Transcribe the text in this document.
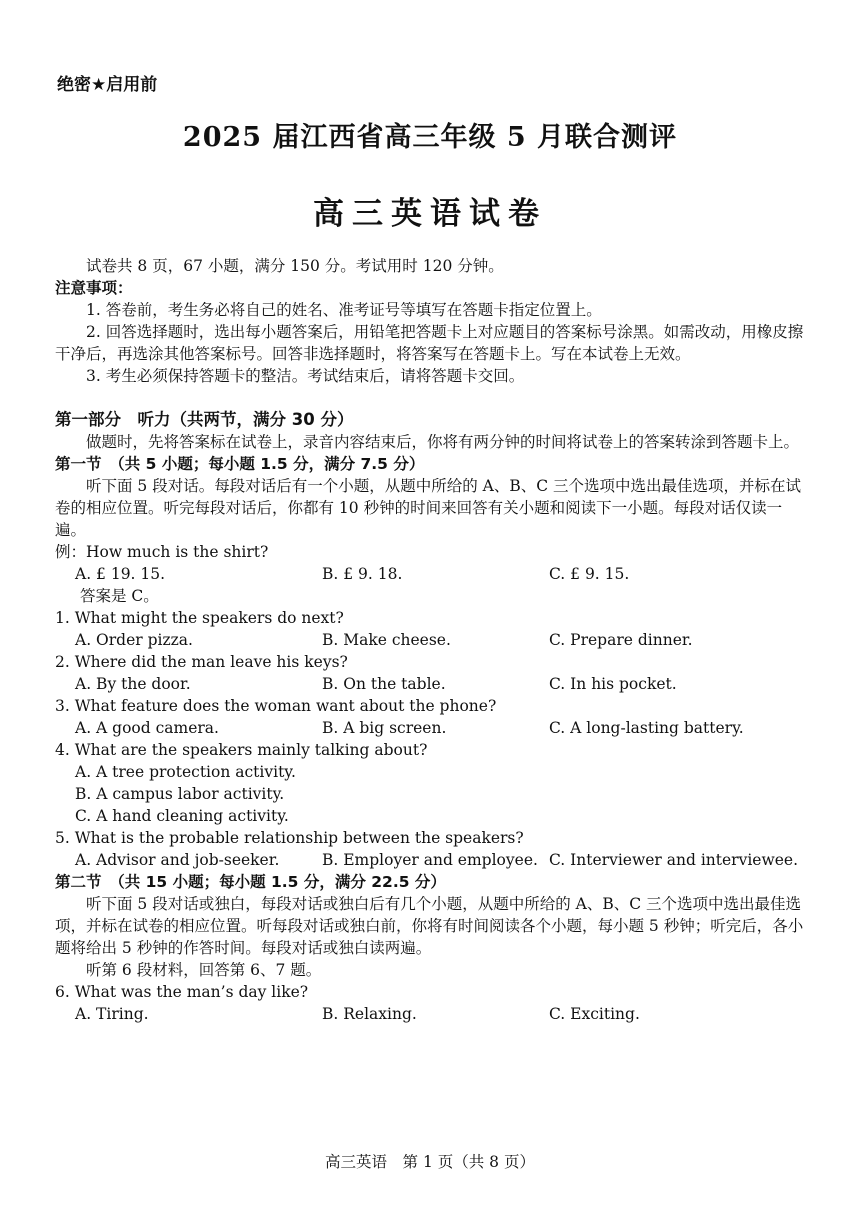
绝密★启用前
2025 届江西省高三年级 5 月联合测评
高三英语试卷

试卷共 8 页，67 小题，满分 150 分。考试用时 120 分钟。

注意事项：

1. 答卷前，考生务必将自己的姓名、准考证号等填写在答题卡指定位置上。

2. 回答选择题时，选出每小题答案后，用铅笔把答题卡上对应题目的答案标号涂黑。如需改动，用橡皮擦干净后，再选涂其他答案标号。回答非选择题时，将答案写在答题卡上。写在本试卷上无效。

3. 考生必须保持答题卡的整洁。考试结束后，请将答题卡交回。

第一部分　听力（共两节，满分 30 分）

做题时，先将答案标在试卷上，录音内容结束后，你将有两分钟的时间将试卷上的答案转涂到答题卡上。

第一节　（共 5 小题；每小题 1.5 分，满分 7.5 分）

听下面 5 段对话。每段对话后有一个小题，从题中所给的 A、B、C 三个选项中选出最佳选项，并标在试卷的相应位置。听完每段对话后，你都有 10 秒钟的时间来回答有关小题和阅读下一小题。每段对话仅读一遍。

例：How much is the shirt?

A. £ 19. 15.	B. £ 9. 18.	C. £ 9. 15.

答案是 C。

1. What might the speakers do next?

A. Order pizza.	B. Make cheese.	C. Prepare dinner.

2. Where did the man leave his keys?

A. By the door.	B. On the table.	C. In his pocket.

3. What feature does the woman want about the phone?

A. A good camera.	B. A big screen.	C. A long-lasting battery.

4. What are the speakers mainly talking about?

A. A tree protection activity.

B. A campus labor activity.

C. A hand cleaning activity.

5. What is the probable relationship between the speakers?

A. Advisor and job-seeker.	B. Employer and employee. C. Interviewer and interviewee.

第二节　（共 15 小题；每小题 1.5 分，满分 22.5 分）

听下面 5 段对话或独白，每段对话或独白后有几个小题，从题中所给的 A、B、C 三个选项中选出最佳选项，并标在试卷的相应位置。听每段对话或独白前，你将有时间阅读各个小题，每小题 5 秒钟；听完后，各小题将给出 5 秒钟的作答时间。每段对话或独白读两遍。

听第 6 段材料，回答第 6、7 题。

6. What was the man’s day like?

A. Tiring.	B. Relaxing.	C. Exciting.
高三英语　第 1 页（共 8 页）
